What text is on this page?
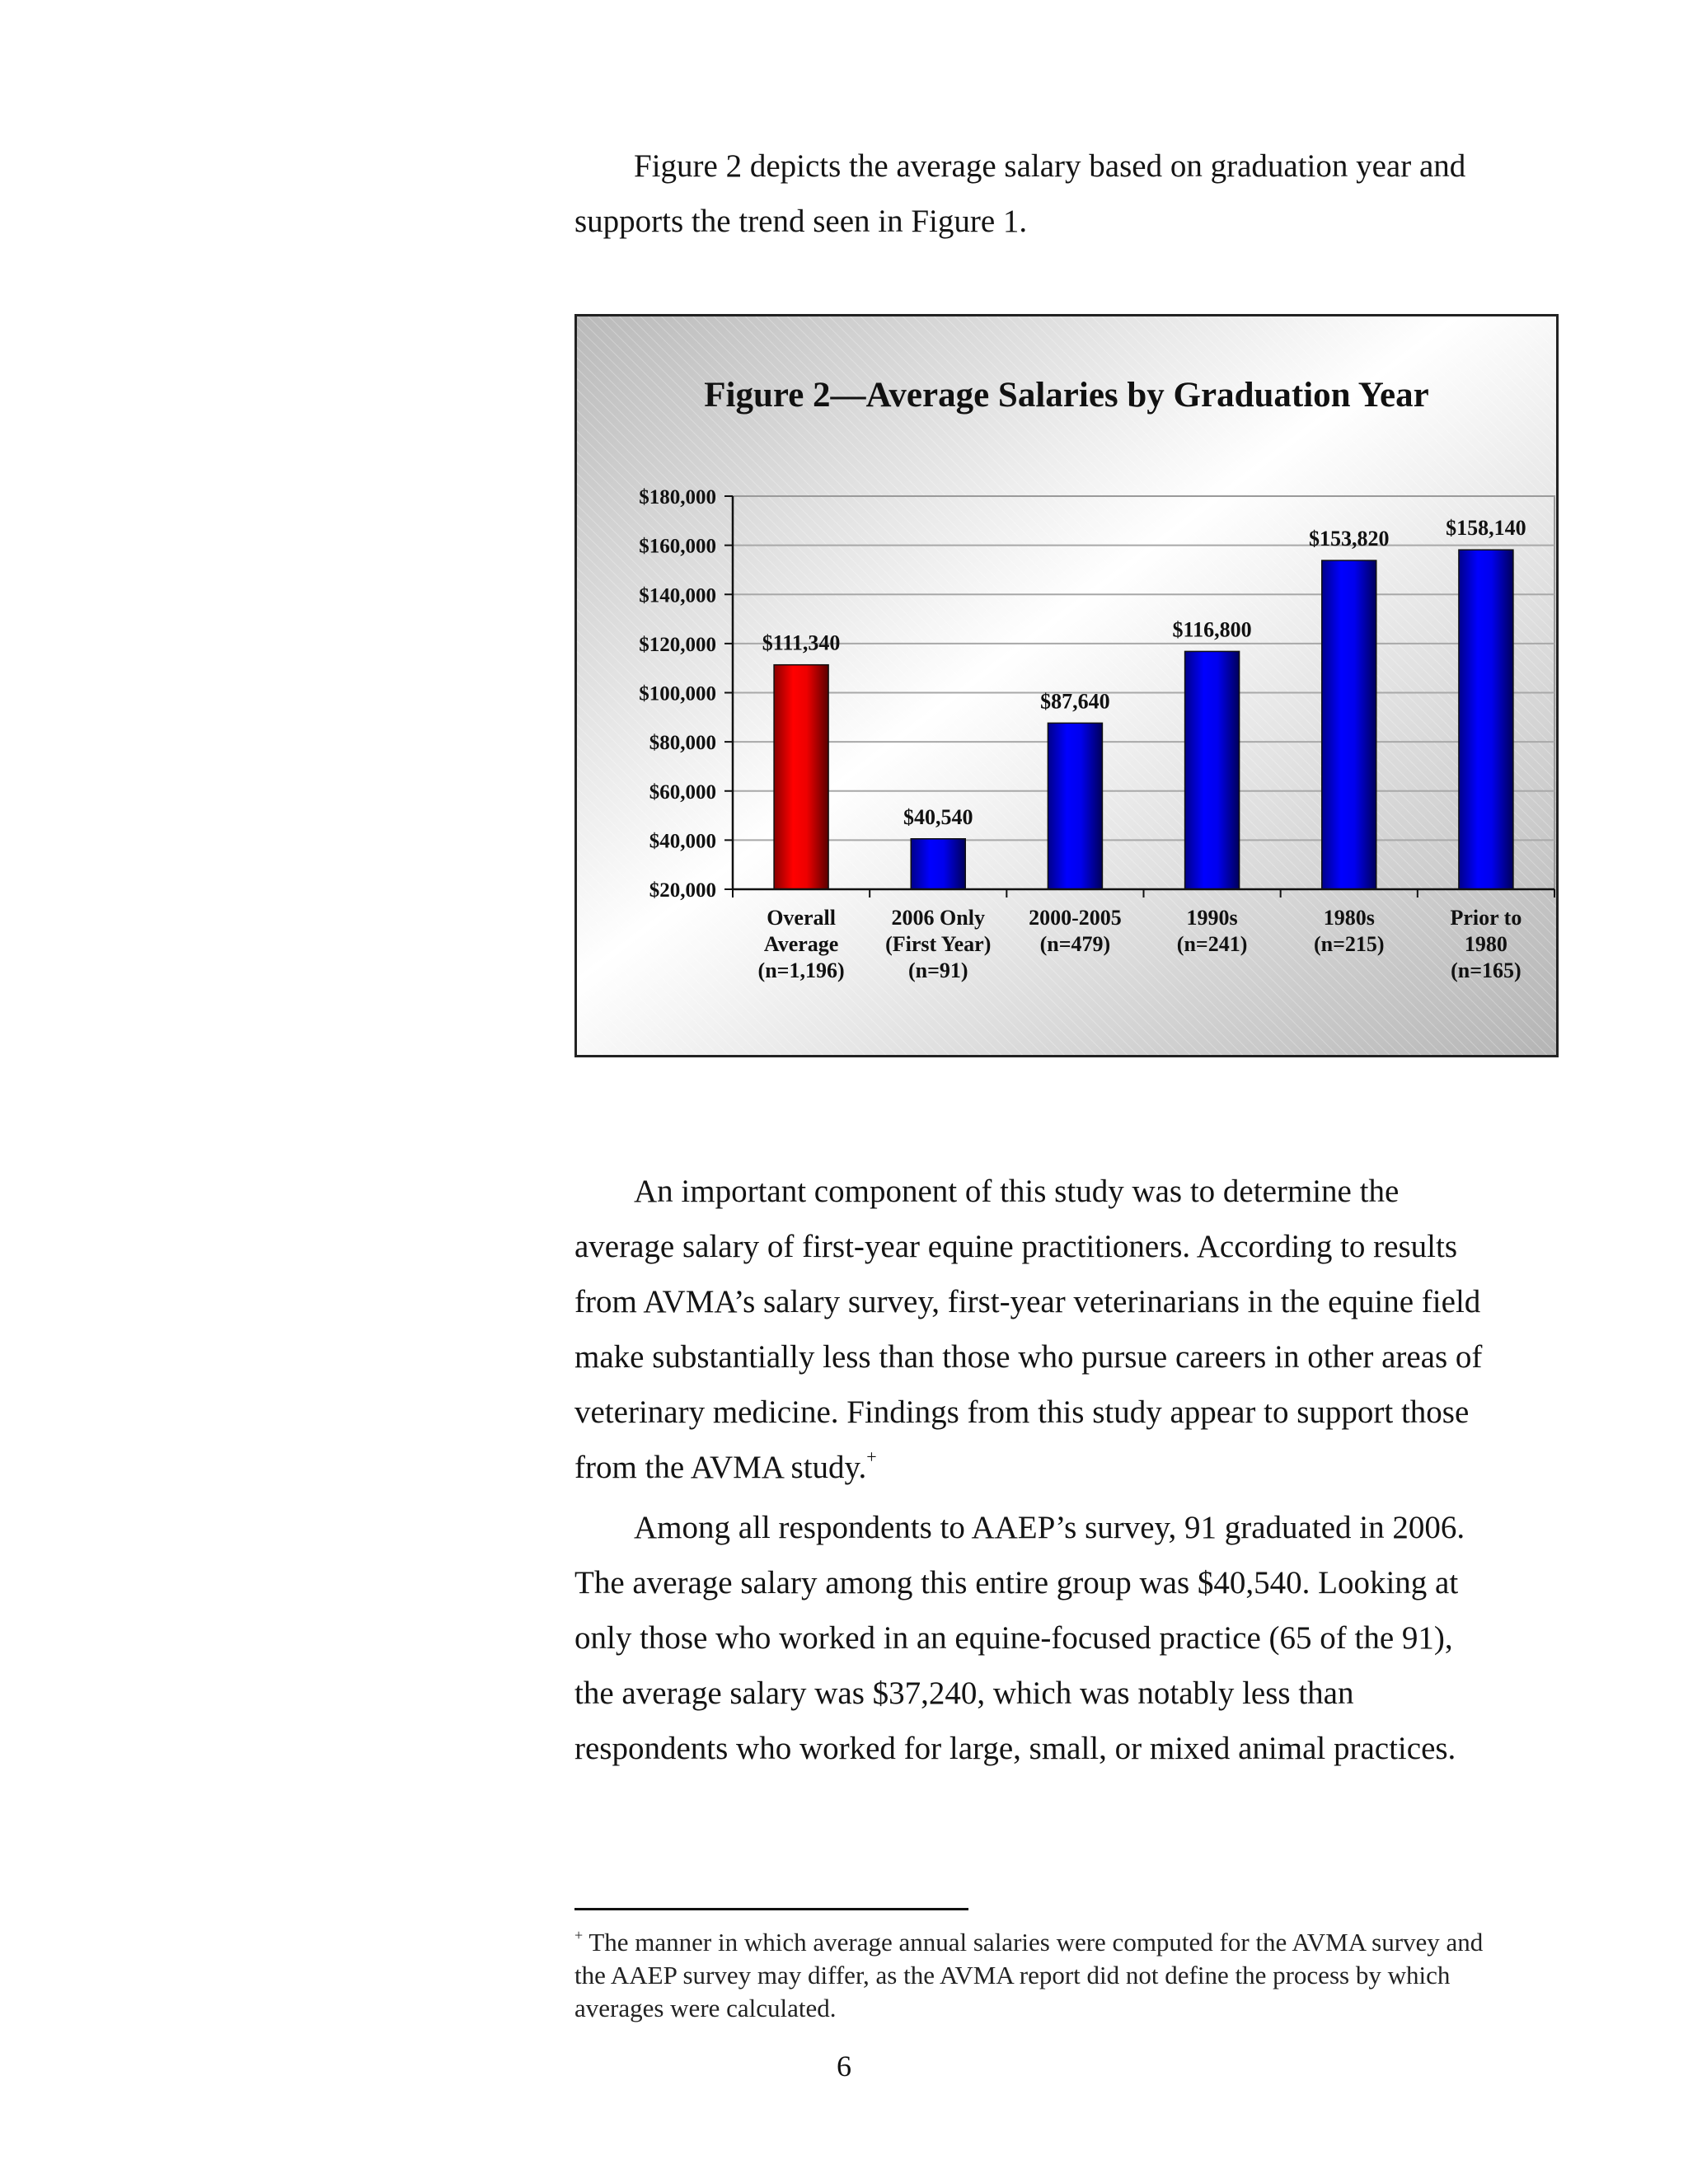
Figure 2 depicts the average salary based on graduation year and supports the trend seen in Figure 1.

Figure 2—Average Salaries by Graduation Year
$111,340
$40,540
$87,640
$116,800
$153,820	$158,140
$20,000
$40,000
$60,000
$80,000
$100,000
$120,000
$140,000
$160,000
$180,000
Overall
Average
(n=1,196)
2006 Only
(First Year)
(n=91)
2000-2005
(n=479)
1990s
(n=241)
1980s
(n=215)
Prior to
1980
(n=165)

An important component of this study was to determine the average salary of first-year equine practitioners. According to results from AVMA’s salary survey, first-year veterinarians in the equine field make substantially less than those who pursue careers in other areas of veterinary medicine. Findings from this study appear to support those from the AVMA study.+

Among all respondents to AAEP’s survey, 91 graduated in 2006. The average salary among this entire group was $40,540. Looking at only those who worked in an equine-focused practice (65 of the 91), the average salary was $37,240, which was notably less than respondents who worked for large, small, or mixed animal practices.

+ The manner in which average annual salaries were computed for the AVMA survey and the AAEP survey may differ, as the AVMA report did not define the process by which averages were calculated.

6
